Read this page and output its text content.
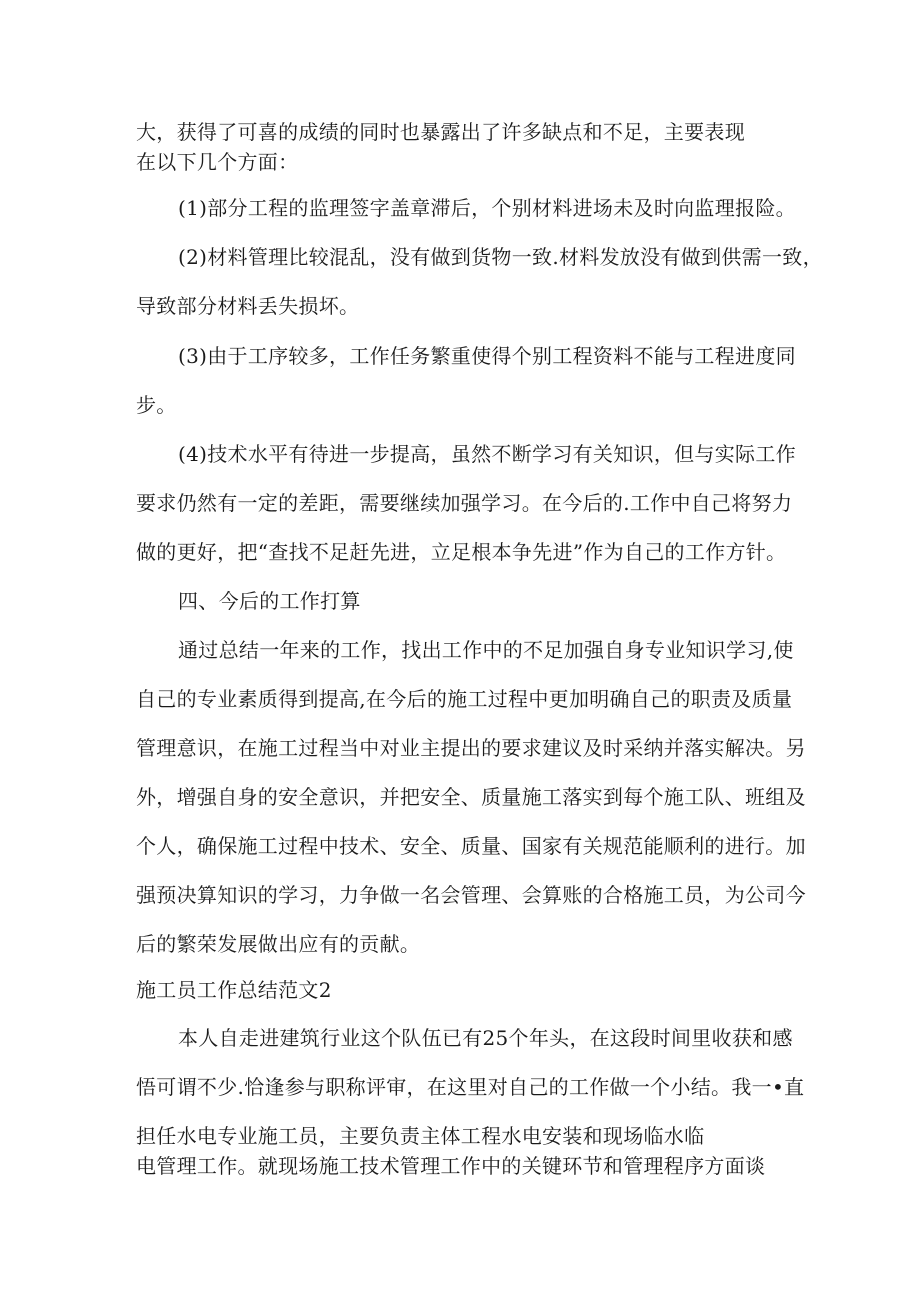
大，获得了可喜的成绩的同时也暴露出了许多缺点和不足，主要表现
在以下几个方面：
(1)部分工程的监理签字盖章滞后，个别材料进场未及时向监理报险。
(2)材料管理比较混乱，没有做到货物一致.材料发放没有做到供需一致，
导致部分材料丢失损坏。
(3)由于工序较多，工作任务繁重使得个别工程资料不能与工程进度同
步。
(4)技术水平有待进一步提高，虽然不断学习有关知识，但与实际工作
要求仍然有一定的差距，需要继续加强学习。在今后的.工作中自己将努力
做的更好，把“查找不足赶先进，立足根本争先进”作为自己的工作方针。
四、今后的工作打算
通过总结一年来的工作，找出工作中的不足加强自身专业知识学习,使
自己的专业素质得到提高,在今后的施工过程中更加明确自己的职责及质量
管理意识，在施工过程当中对业主提出的要求建议及时采纳并落实解决。另
外，增强自身的安全意识，并把安全、质量施工落实到每个施工队、班组及
个人，确保施工过程中技术、安全、质量、国家有关规范能顺利的进行。加
强预决算知识的学习，力争做一名会管理、会算账的合格施工员，为公司今
后的繁荣发展做出应有的贡献。
施工员工作总结范文2
本人自走进建筑行业这个队伍已有25个年头，在这段时间里收获和感
悟可谓不少.恰逢参与职称评审，在这里对自己的工作做一个小结。我一•直
担任水电专业施工员，主要负责主体工程水电安装和现场临水临
电管理工作。就现场施工技术管理工作中的关键环节和管理程序方面谈
